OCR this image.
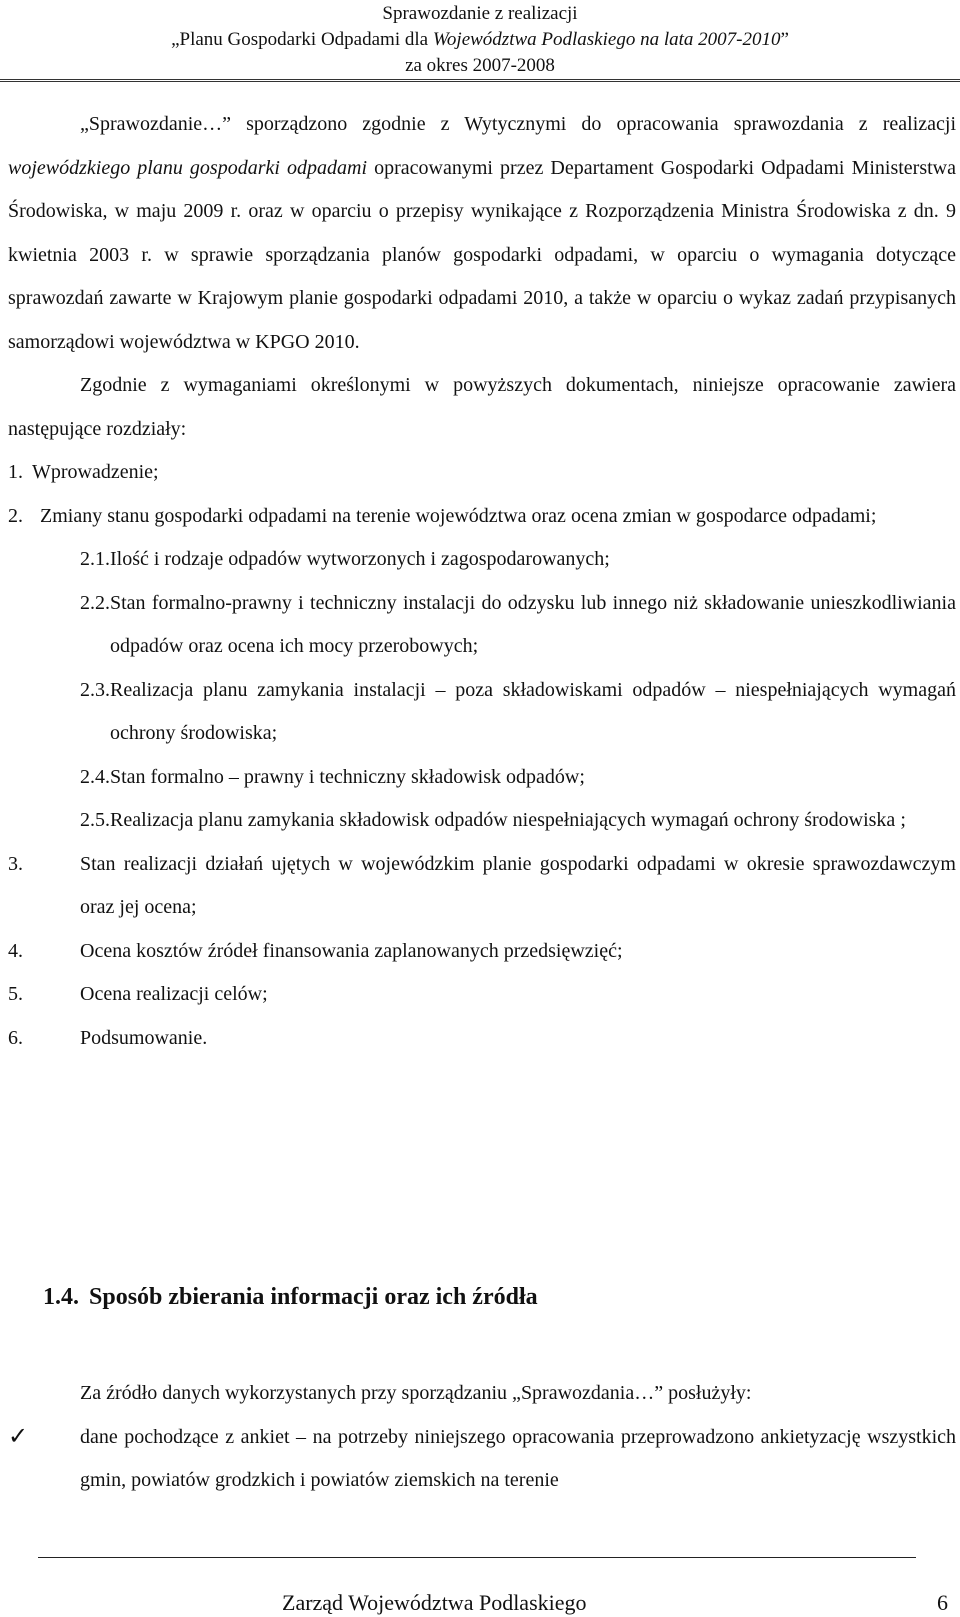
Sprawozdanie z realizacji
„Planu Gospodarki Odpadami dla Województwa Podlaskiego na lata 2007-2010”
za okres 2007-2008

„Sprawozdanie…” sporządzono zgodnie z Wytycznymi do opracowania sprawozdania z realizacji wojewódzkiego planu gospodarki odpadami opracowanymi przez Departament Gospodarki Odpadami Ministerstwa Środowiska, w maju 2009 r. oraz w oparciu o przepisy wynikające z Rozporządzenia Ministra Środowiska z dn. 9 kwietnia 2003 r. w sprawie sporządzania planów gospodarki odpadami, w oparciu o wymagania dotyczące sprawozdań zawarte w Krajowym planie gospodarki odpadami 2010, a także w oparciu o wykaz zadań przypisanych samorządowi województwa w KPGO 2010.

Zgodnie z wymaganiami określonymi w powyższych dokumentach, niniejsze opracowanie zawiera następujące rozdziały:

1. Wprowadzenie;
2. Zmiany stanu gospodarki odpadami na terenie województwa oraz ocena zmian w gospodarce odpadami;
2.1. Ilość i rodzaje odpadów wytworzonych i zagospodarowanych;
2.2. Stan formalno-prawny i techniczny instalacji do odzysku lub innego niż składowanie unieszkodliwiania odpadów oraz ocena ich mocy przerobowych;
2.3. Realizacja planu zamykania instalacji – poza składowiskami odpadów – niespełniających wymagań ochrony środowiska;
2.4. Stan formalno – prawny i techniczny składowisk odpadów;
2.5. Realizacja planu zamykania składowisk odpadów niespełniających wymagań ochrony środowiska ;
3.	Stan realizacji działań ujętych w wojewódzkim planie gospodarki odpadami w okresie sprawozdawczym oraz jej ocena;
4.	Ocena kosztów źródeł finansowania zaplanowanych przedsięwzięć;
5.	Ocena realizacji celów;
6.	Podsumowanie.
1.4. Sposób zbierania informacji oraz ich źródła

Za źródło danych wykorzystanych przy sporządzaniu „Sprawozdania…” posłużyły:

✓	dane pochodzące z ankiet – na potrzeby niniejszego opracowania przeprowadzono ankietyzację wszystkich gmin, powiatów grodzkich i powiatów ziemskich na terenie
Zarząd Województwa Podlaskiego	6
